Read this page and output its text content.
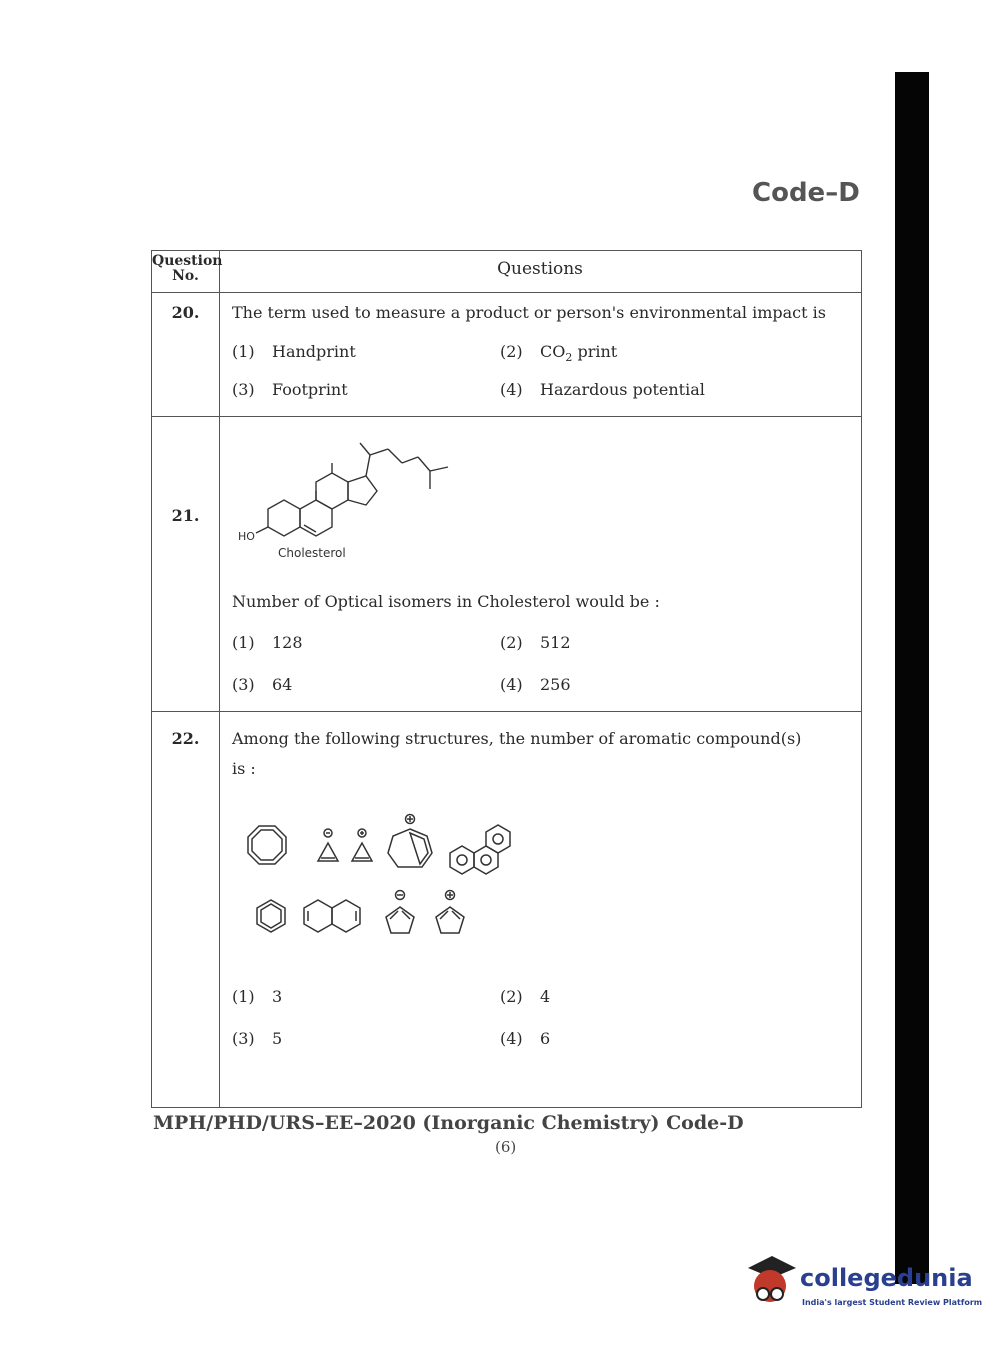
Code–D
Question
No.	Questions
20.	The term used to measure a product or person's environmental impact is
(1) Handprint	(2) $CO_2$ print
(3) Footprint	(4) Hazardous potential
21.
HO
Cholesterol
Number of Optical isomers in Cholesterol would be :
(1) 128	(2) 512
(3) 64	(4) 256
22.	Among the following structures, the number of aromatic compound(s)
is :
(1) 3	(2) 4
(3) 5	(4) 6
MPH/PHD/URS–EE–2020 (Inorganic Chemistry) Code-D
(6)
collegedunia
India's largest Student Review Platform
